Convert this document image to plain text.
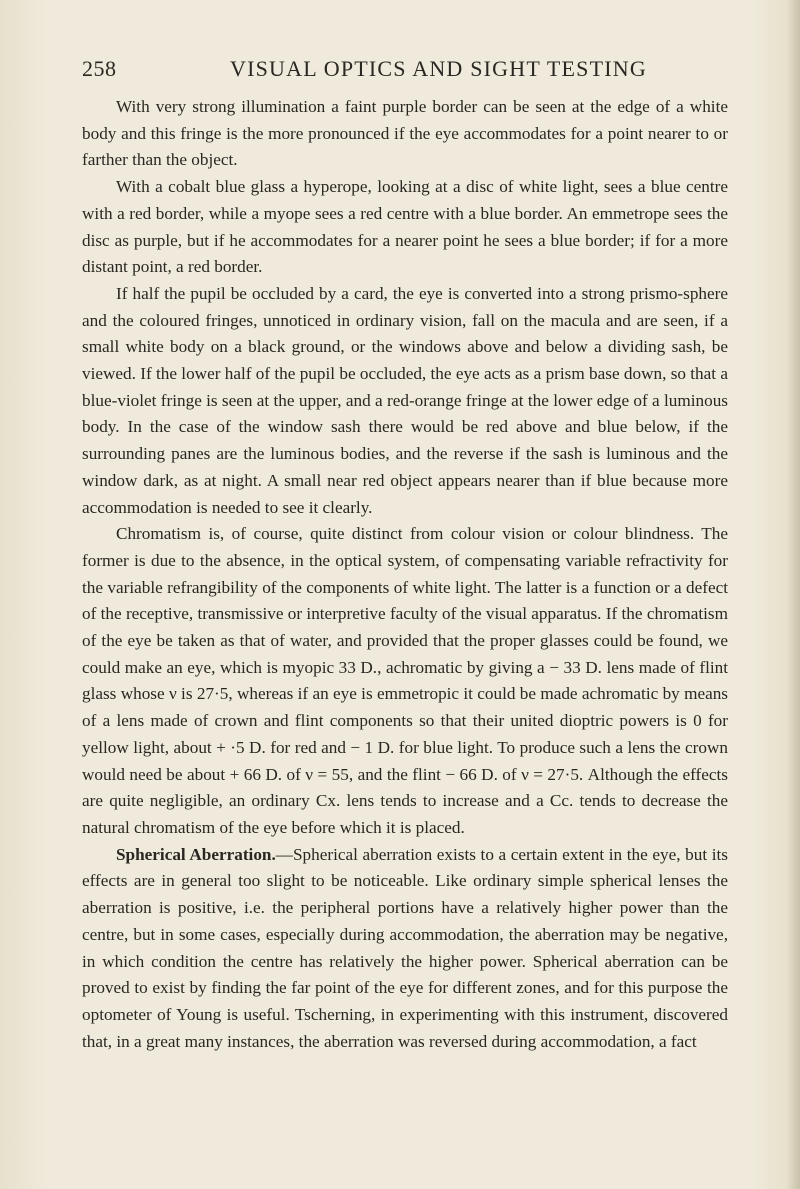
258	VISUAL OPTICS AND SIGHT TESTING

With very strong illumination a faint purple border can be seen at the edge of a white body and this fringe is the more pronounced if the eye accommodates for a point nearer to or farther than the object.

With a cobalt blue glass a hyperope, looking at a disc of white light, sees a blue centre with a red border, while a myope sees a red centre with a blue border. An emmetrope sees the disc as purple, but if he accommodates for a nearer point he sees a blue border; if for a more distant point, a red border.

If half the pupil be occluded by a card, the eye is converted into a strong prismo-sphere and the coloured fringes, unnoticed in ordinary vision, fall on the macula and are seen, if a small white body on a black ground, or the windows above and below a dividing sash, be viewed. If the lower half of the pupil be occluded, the eye acts as a prism base down, so that a blue-violet fringe is seen at the upper, and a red-orange fringe at the lower edge of a luminous body. In the case of the window sash there would be red above and blue below, if the surrounding panes are the luminous bodies, and the reverse if the sash is luminous and the window dark, as at night. A small near red object appears nearer than if blue because more accommodation is needed to see it clearly.

Chromatism is, of course, quite distinct from colour vision or colour blindness. The former is due to the absence, in the optical system, of compensating variable refractivity for the variable refrangibility of the components of white light. The latter is a function or a defect of the receptive, transmissive or interpretive faculty of the visual apparatus. If the chromatism of the eye be taken as that of water, and provided that the proper glasses could be found, we could make an eye, which is myopic 33 D., achromatic by giving a − 33 D. lens made of flint glass whose ν is 27·5, whereas if an eye is emmetropic it could be made achromatic by means of a lens made of crown and flint components so that their united dioptric powers is 0 for yellow light, about + ·5 D. for red and − 1 D. for blue light. To produce such a lens the crown would need be about + 66 D. of ν = 55, and the flint − 66 D. of ν = 27·5. Although the effects are quite negligible, an ordinary Cx. lens tends to increase and a Cc. tends to decrease the natural chromatism of the eye before which it is placed.

Spherical Aberration.—Spherical aberration exists to a certain extent in the eye, but its effects are in general too slight to be noticeable. Like ordinary simple spherical lenses the aberration is positive, i.e. the peripheral portions have a relatively higher power than the centre, but in some cases, especially during accommodation, the aberration may be negative, in which condition the centre has relatively the higher power. Spherical aberration can be proved to exist by finding the far point of the eye for different zones, and for this purpose the optometer of Young is useful. Tscherning, in experimenting with this instrument, discovered that, in a great many instances, the aberration was reversed during accommodation, a fact
